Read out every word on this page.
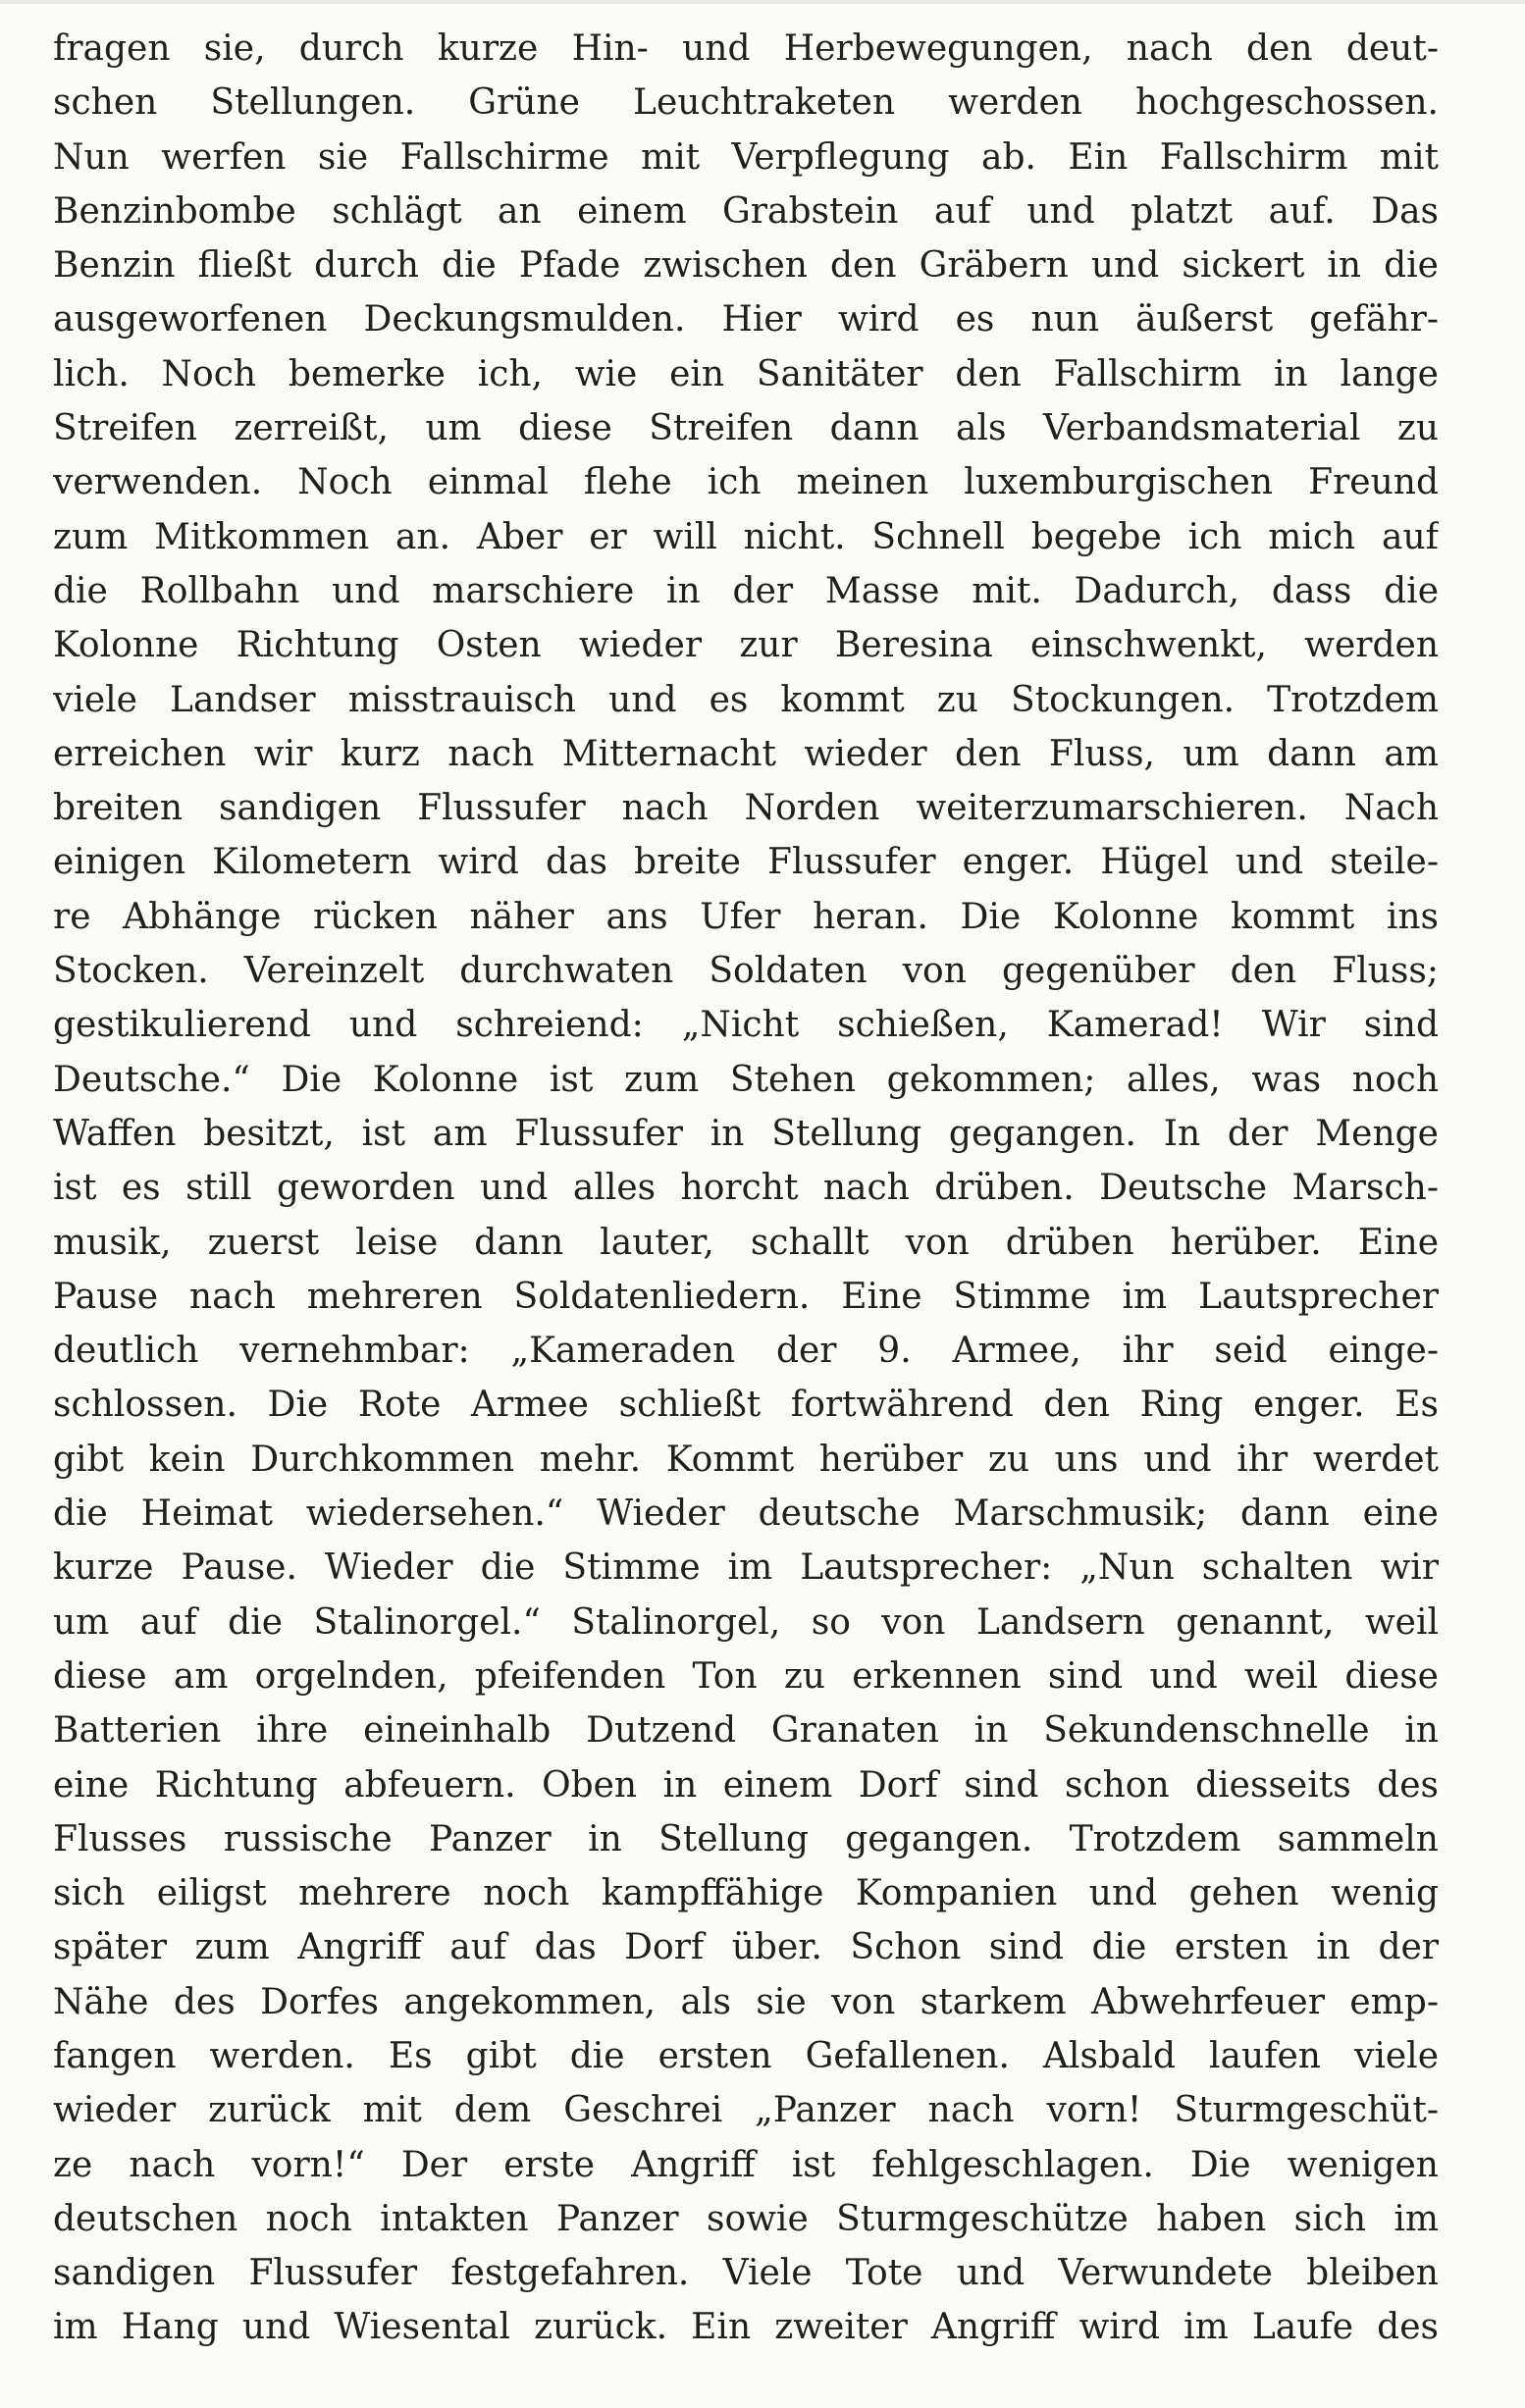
fragen sie, durch kurze Hin- und Herbewegungen, nach den deut-
schen Stellungen. Grüne Leuchtraketen werden hochgeschossen.
Nun werfen sie Fallschirme mit Verpflegung ab. Ein Fallschirm mit
Benzinbombe schlägt an einem Grabstein auf und platzt auf. Das
Benzin fließt durch die Pfade zwischen den Gräbern und sickert in die
ausgeworfenen Deckungsmulden. Hier wird es nun äußerst gefähr-
lich. Noch bemerke ich, wie ein Sanitäter den Fallschirm in lange
Streifen zerreißt, um diese Streifen dann als Verbandsmaterial zu
verwenden. Noch einmal flehe ich meinen luxemburgischen Freund
zum Mitkommen an. Aber er will nicht. Schnell begebe ich mich auf
die Rollbahn und marschiere in der Masse mit. Dadurch, dass die
Kolonne Richtung Osten wieder zur Beresina einschwenkt, werden
viele Landser misstrauisch und es kommt zu Stockungen. Trotzdem
erreichen wir kurz nach Mitternacht wieder den Fluss, um dann am
breiten sandigen Flussufer nach Norden weiterzumarschieren. Nach
einigen Kilometern wird das breite Flussufer enger. Hügel und steile-
re Abhänge rücken näher ans Ufer heran. Die Kolonne kommt ins
Stocken. Vereinzelt durchwaten Soldaten von gegenüber den Fluss;
gestikulierend und schreiend: „Nicht schießen, Kamerad! Wir sind
Deutsche.“ Die Kolonne ist zum Stehen gekommen; alles, was noch
Waffen besitzt, ist am Flussufer in Stellung gegangen. In der Menge
ist es still geworden und alles horcht nach drüben. Deutsche Marsch-
musik, zuerst leise dann lauter, schallt von drüben herüber. Eine
Pause nach mehreren Soldatenliedern. Eine Stimme im Lautsprecher
deutlich vernehmbar: „Kameraden der 9. Armee, ihr seid einge-
schlossen. Die Rote Armee schließt fortwährend den Ring enger. Es
gibt kein Durchkommen mehr. Kommt herüber zu uns und ihr werdet
die Heimat wiedersehen.“ Wieder deutsche Marschmusik; dann eine
kurze Pause. Wieder die Stimme im Lautsprecher: „Nun schalten wir
um auf die Stalinorgel.“ Stalinorgel, so von Landsern genannt, weil
diese am orgelnden, pfeifenden Ton zu erkennen sind und weil diese
Batterien ihre eineinhalb Dutzend Granaten in Sekundenschnelle in
eine Richtung abfeuern. Oben in einem Dorf sind schon diesseits des
Flusses russische Panzer in Stellung gegangen. Trotzdem sammeln
sich eiligst mehrere noch kampffähige Kompanien und gehen wenig
später zum Angriff auf das Dorf über. Schon sind die ersten in der
Nähe des Dorfes angekommen, als sie von starkem Abwehrfeuer emp-
fangen werden. Es gibt die ersten Gefallenen. Alsbald laufen viele
wieder zurück mit dem Geschrei „Panzer nach vorn! Sturmgeschüt-
ze nach vorn!“ Der erste Angriff ist fehlgeschlagen. Die wenigen
deutschen noch intakten Panzer sowie Sturmgeschütze haben sich im
sandigen Flussufer festgefahren. Viele Tote und Verwundete bleiben
im Hang und Wiesental zurück. Ein zweiter Angriff wird im Laufe des
